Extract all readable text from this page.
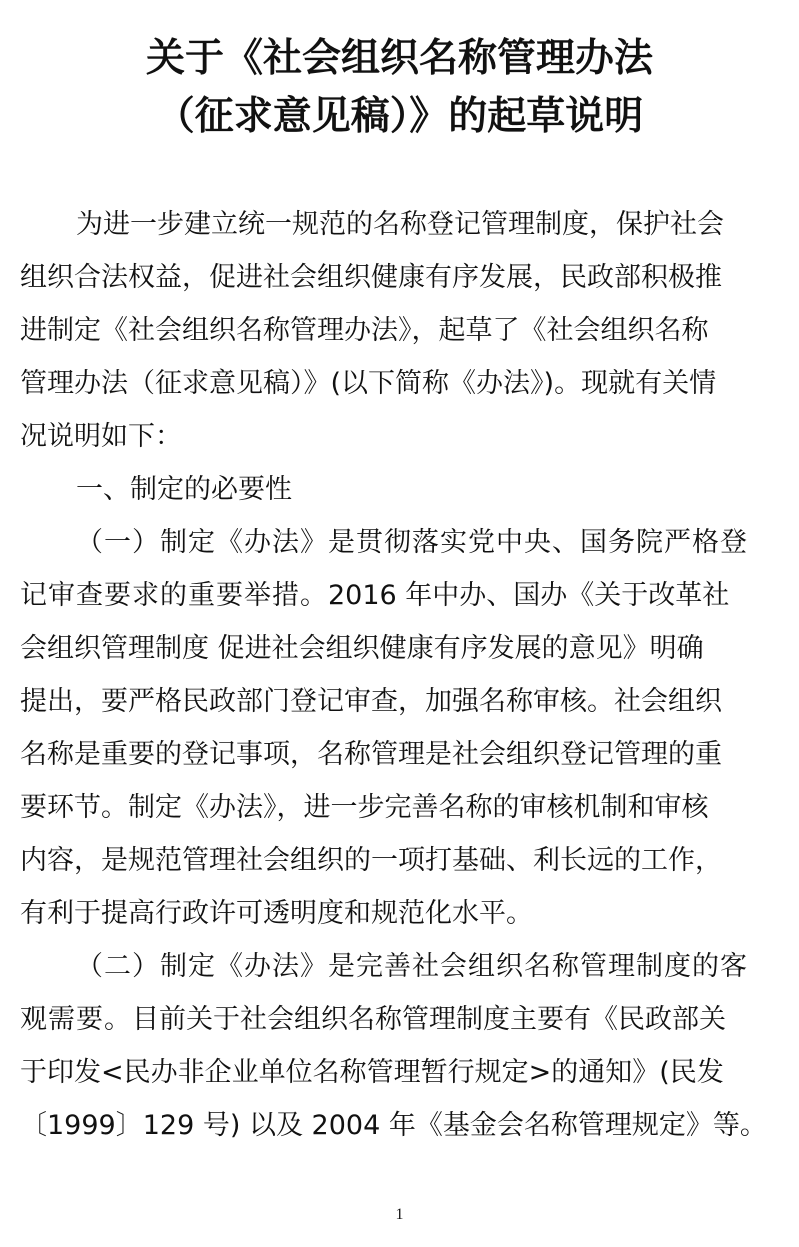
关于《社会组织名称管理办法
（征求意见稿）》的起草说明
为进一步建立统一规范的名称登记管理制度，保护社会
组织合法权益，促进社会组织健康有序发展，民政部积极推
进制定《社会组织名称管理办法》，起草了《社会组织名称
管理办法（征求意见稿）》(以下简称《办法》)。现就有关情
况说明如下：
一、制定的必要性
（一）制定《办法》是贯彻落实党中央、国务院严格登
记审查要求的重要举措。2016 年中办、国办《关于改革社
会组织管理制度 促进社会组织健康有序发展的意见》明确
提出，要严格民政部门登记审查，加强名称审核。社会组织
名称是重要的登记事项，名称管理是社会组织登记管理的重
要环节。制定《办法》，进一步完善名称的审核机制和审核
内容，是规范管理社会组织的一项打基础、利长远的工作，
有利于提高行政许可透明度和规范化水平。
（二）制定《办法》是完善社会组织名称管理制度的客
观需要。目前关于社会组织名称管理制度主要有《民政部关
于印发<民办非企业单位名称管理暂行规定>的通知》(民发
〔1999〕129 号) 以及 2004 年《基金会名称管理规定》等。
1
